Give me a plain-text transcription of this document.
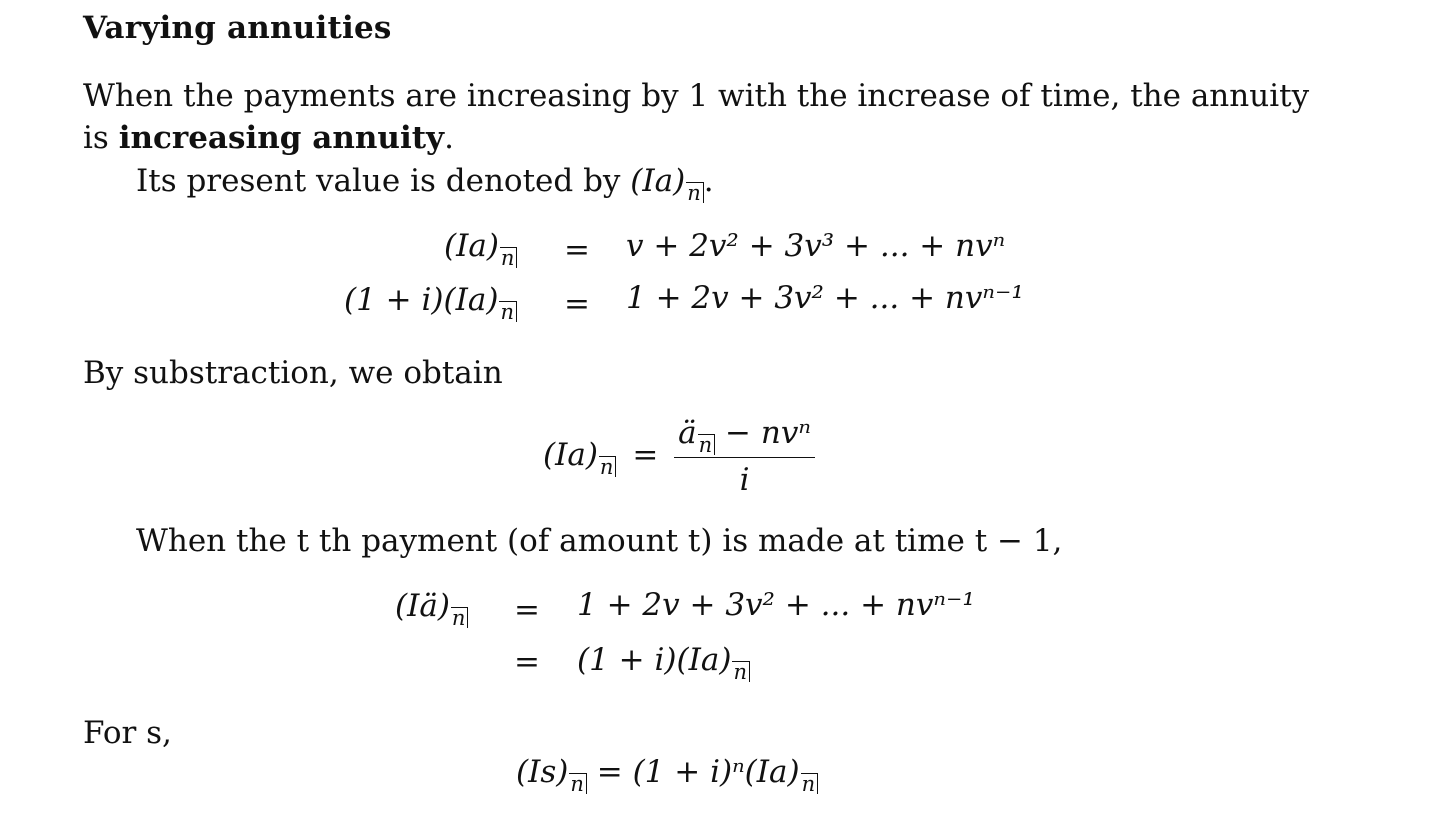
Varying annuities
When the payments are increasing by 1 with the increase of time, the annuity
is increasing annuity.
Its present value is denoted by (Ia)n.
(Ia)n = v + 2v² + 3v³ + ... + nvⁿ
(1 + i)(Ia)n = 1 + 2v + 3v² + ... + nvⁿ⁻¹
By substraction, we obtain
$(Ia)n = \frac{\text{än − nvⁿ}}{i}$
When the t th payment (of amount t) is made at time t − 1,
(Iä)n = 1 + 2v + 3v² + ... + nvⁿ⁻¹
= (1 + i)(Ia)n
For s,
(Is)n = (1 + i)ⁿ(Ia)n
